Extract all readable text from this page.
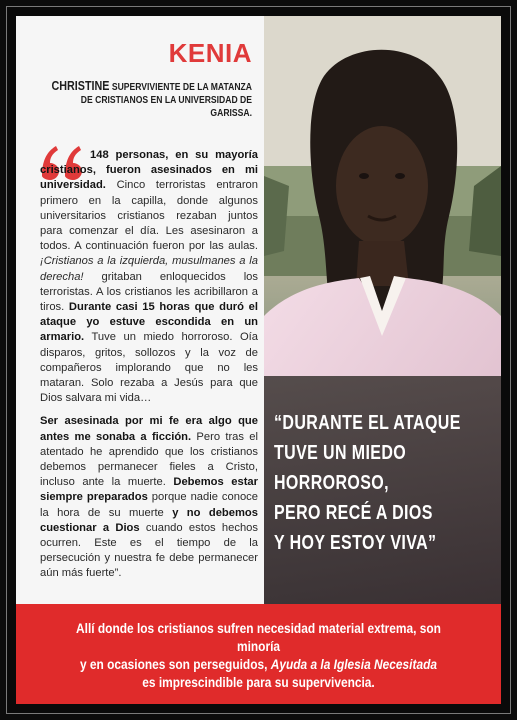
KENIA
CHRISTINE SUPERVIVIENTE DE LA MATANZA
DE CRISTIANOS EN LA UNIVERSIDAD DE GARISSA.

148 personas, en su mayoría cristianos, fueron asesinados en mi universidad. Cinco terroristas entraron primero en la capilla, donde algunos universitarios cristianos rezaban juntos para comenzar el día. Les asesinaron a todos. A continuación fueron por las aulas. ¡Cristianos a la izquierda, musulmanes a la derecha! gritaban enloquecidos los terroristas. A los cristianos les acribillaron a tiros. Durante casi 15 horas que duró el ataque yo estuve escondida en un armario. Tuve un miedo horroroso. Oía disparos, gritos, sollozos y la voz de compañeros implorando que no les mataran. Solo rezaba a Jesús para que Dios salvara mi vida…

Ser asesinada por mi fe era algo que antes me sonaba a ficción. Pero tras el atentado he aprendido que los cristianos debemos permanecer fieles a Cristo, incluso ante la muerte. Debemos estar siempre preparados porque nadie conoce la hora de su muerte y no debemos cuestionar a Dios cuando estos hechos ocurren. Este es el tiempo de la persecución y nuestra fe debe permanecer aún más fuerte”.

“DURANTE EL ATAQUE
TUVE UN MIEDO
HORROROSO,
PERO RECÉ A DIOS
Y HOY ESTOY VIVA”
Allí donde los cristianos sufren necesidad material extrema, son minoría
y en ocasiones son perseguidos, Ayuda a la Iglesia Necesitada
es imprescindible para su supervivencia.
